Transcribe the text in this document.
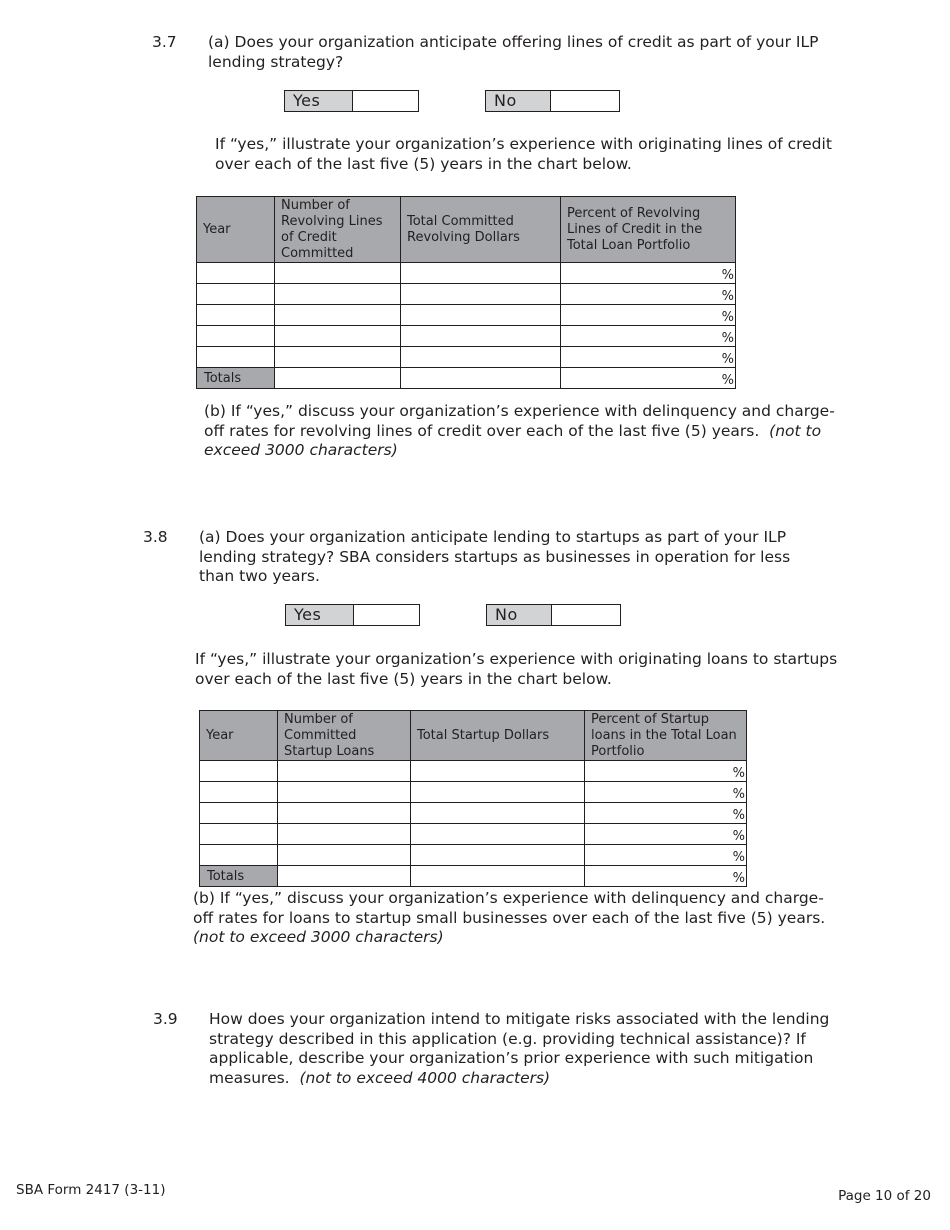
3.7 (a) Does your organization anticipate offering lines of credit as part of your ILP
lending strategy?
Yes	No
If “yes,” illustrate your organization’s experience with originating lines of credit
over each of the last five (5) years in the chart below.
Year	Number of Revolving Lines of Credit Committed	Total Committed Revolving Dollars	Percent of Revolving Lines of Credit in the Total Loan Portfolio
			%
			%
			%
			%
			%
Totals			%
(b) If “yes,” discuss your organization’s experience with delinquency and charge-
off rates for revolving lines of credit over each of the last five (5) years. (not to
exceed 3000 characters)
3.8 (a) Does your organization anticipate lending to startups as part of your ILP
lending strategy? SBA considers startups as businesses in operation for less
than two years.
Yes	No
If “yes,” illustrate your organization’s experience with originating loans to startups
over each of the last five (5) years in the chart below.
Year	Number of Committed Startup Loans	Total Startup Dollars	Percent of Startup loans in the Total Loan Portfolio
			%
			%
			%
			%
			%
Totals			%
(b) If “yes,” discuss your organization’s experience with delinquency and charge-
off rates for loans to startup small businesses over each of the last five (5) years.
(not to exceed 3000 characters)
3.9 How does your organization intend to mitigate risks associated with the lending
strategy described in this application (e.g. providing technical assistance)? If
applicable, describe your organization’s prior experience with such mitigation
measures. (not to exceed 4000 characters)
SBA Form 2417 (3-11)	Page 10 of 20
